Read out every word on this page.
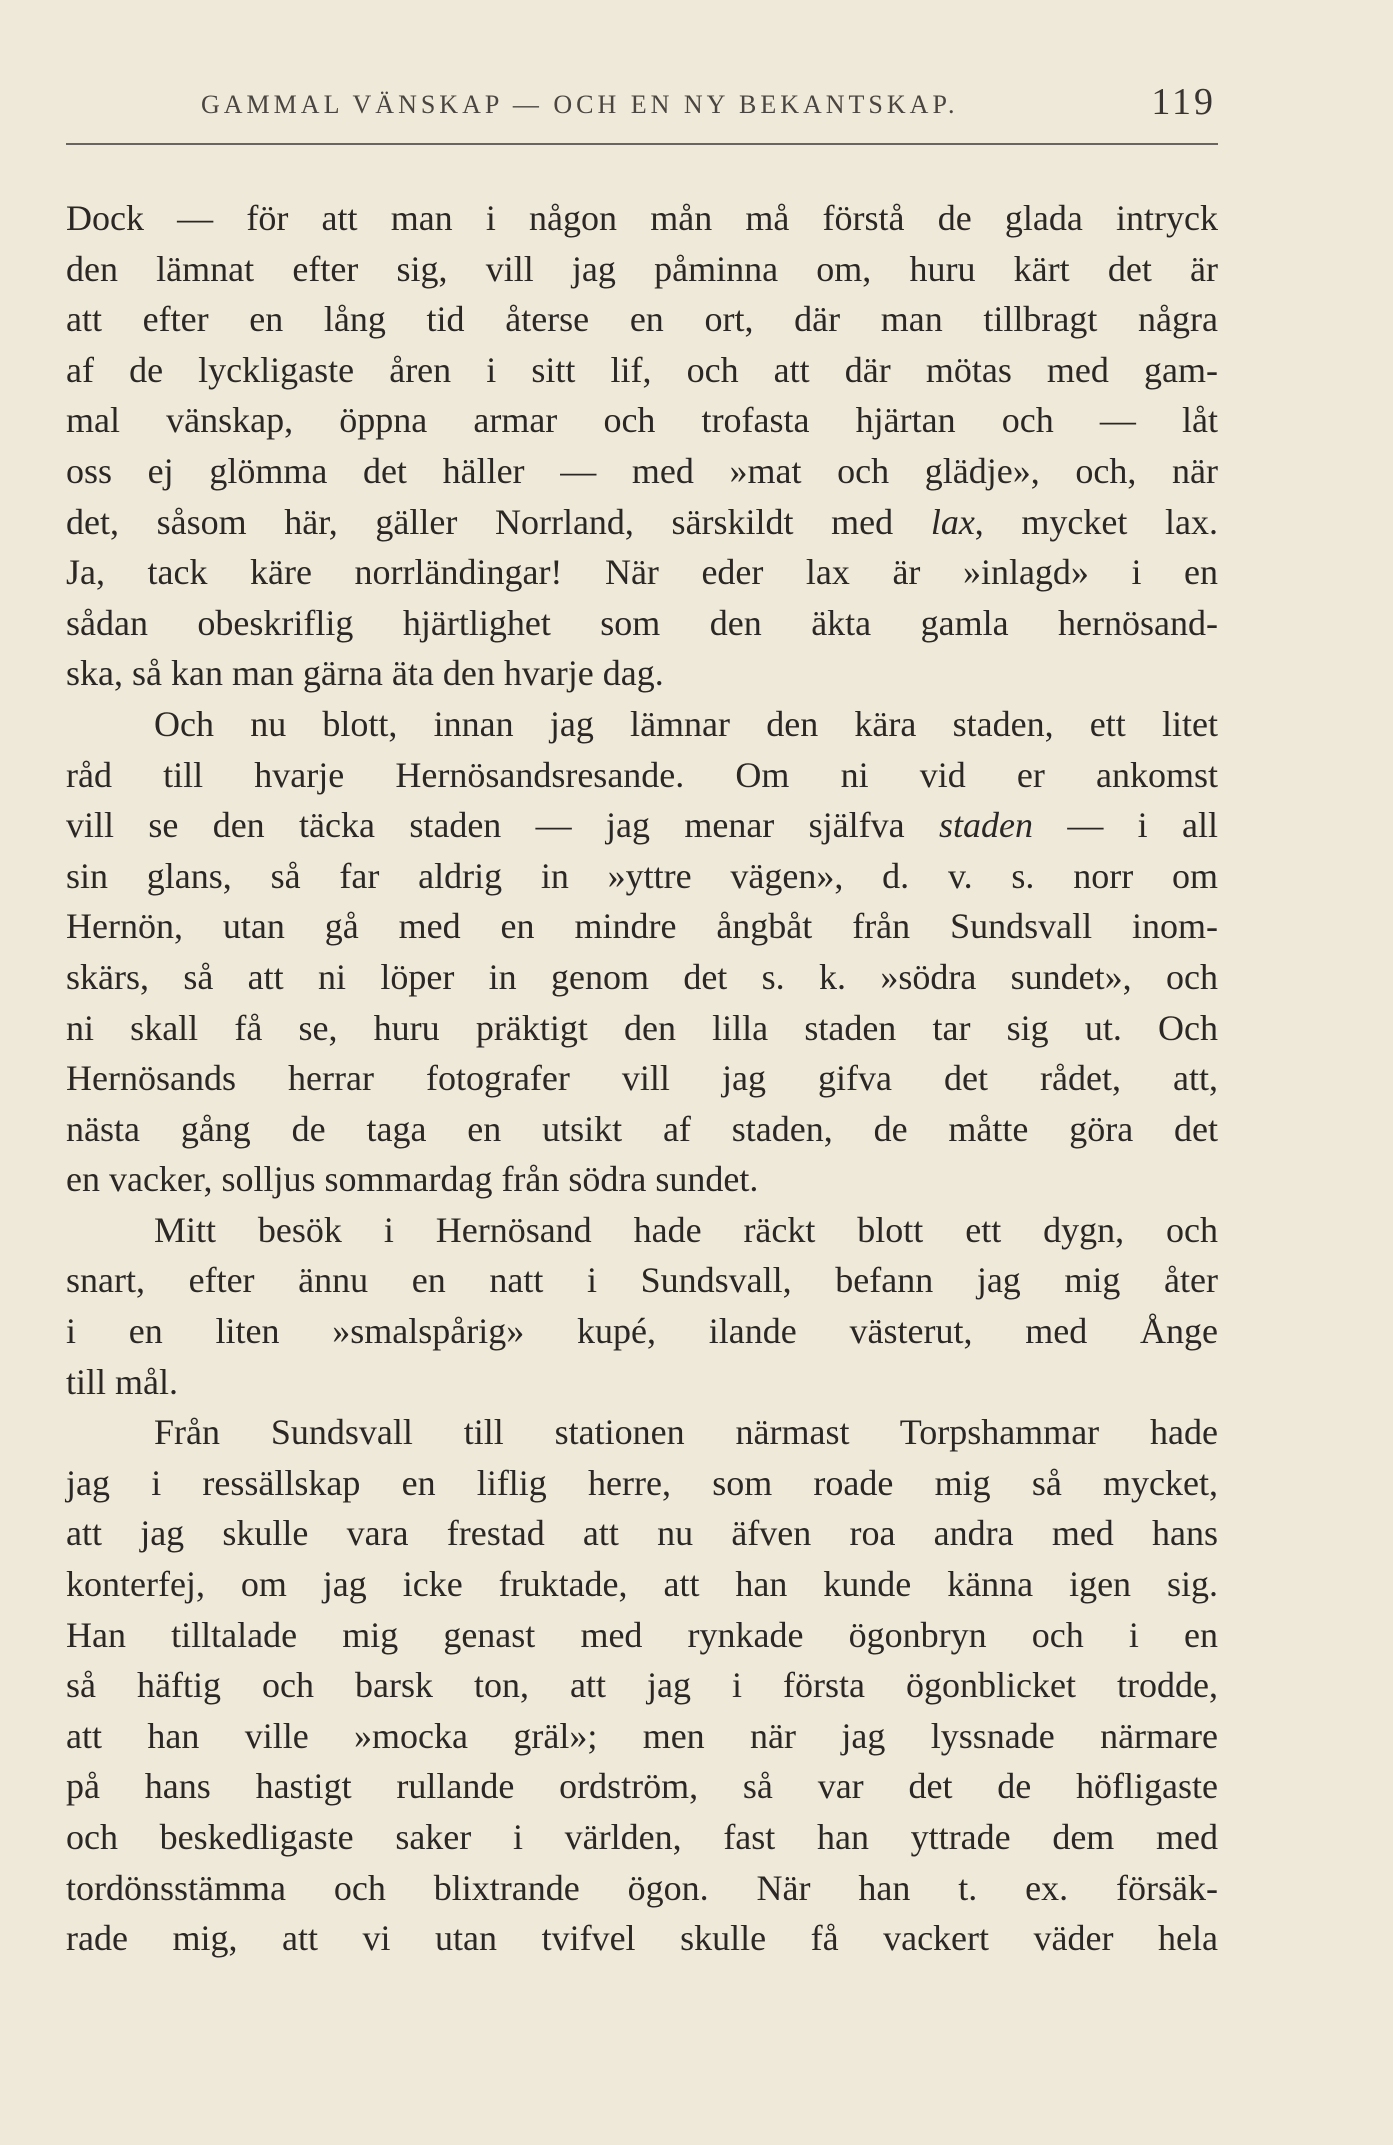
GAMMAL VÄNSKAP — OCH EN NY BEKANTSKAP.	119
Dock — för att man i någon mån må förstå de glada intryck
den lämnat efter sig, vill jag påminna om, huru kärt det är
att efter en lång tid återse en ort, där man tillbragt några
af de lyckligaste åren i sitt lif, och att där mötas med gam-
mal vänskap, öppna armar och trofasta hjärtan och — låt
oss ej glömma det häller — med »mat och glädje», och, när
det, såsom här, gäller Norrland, särskildt med lax, mycket lax.
Ja, tack käre norrländingar! När eder lax är »inlagd» i en
sådan obeskriflig hjärtlighet som den äkta gamla hernösand-
ska, så kan man gärna äta den hvarje dag.
Och nu blott, innan jag lämnar den kära staden, ett litet
råd till hvarje Hernösandsresande. Om ni vid er ankomst
vill se den täcka staden — jag menar själfva staden — i all
sin glans, så far aldrig in »yttre vägen», d. v. s. norr om
Hernön, utan gå med en mindre ångbåt från Sundsvall inom-
skärs, så att ni löper in genom det s. k. »södra sundet», och
ni skall få se, huru präktigt den lilla staden tar sig ut. Och
Hernösands herrar fotografer vill jag gifva det rådet, att,
nästa gång de taga en utsikt af staden, de måtte göra det
en vacker, solljus sommardag från södra sundet.
Mitt besök i Hernösand hade räckt blott ett dygn, och
snart, efter ännu en natt i Sundsvall, befann jag mig åter
i en liten »smalspårig» kupé, ilande västerut, med Ånge
till mål.
Från Sundsvall till stationen närmast Torpshammar hade
jag i ressällskap en liflig herre, som roade mig så mycket,
att jag skulle vara frestad att nu äfven roa andra med hans
konterfej, om jag icke fruktade, att han kunde känna igen sig.
Han tilltalade mig genast med rynkade ögonbryn och i en
så häftig och barsk ton, att jag i första ögonblicket trodde,
att han ville »mocka gräl»; men när jag lyssnade närmare
på hans hastigt rullande ordström, så var det de höfligaste
och beskedligaste saker i världen, fast han yttrade dem med
tordönsstämma och blixtrande ögon. När han t. ex. försäk-
rade mig, att vi utan tvifvel skulle få vackert väder hela
